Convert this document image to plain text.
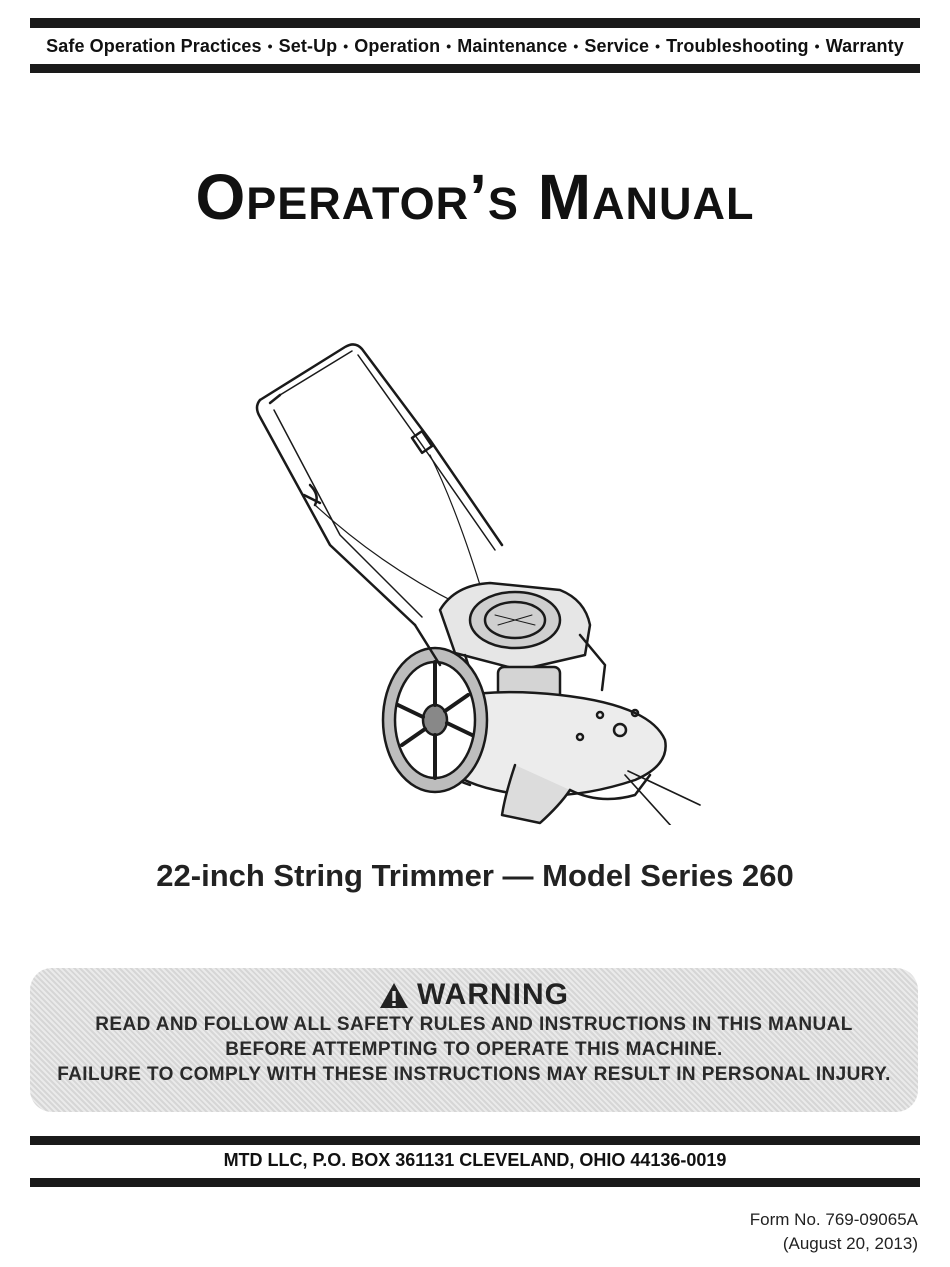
Safe Operation Practices • Set-Up • Operation • Maintenance • Service • Troubleshooting • Warranty
Operator’s Manual
22-inch String Trimmer — Model Series 260
WARNING
READ AND FOLLOW ALL SAFETY RULES AND INSTRUCTIONS IN THIS MANUAL
BEFORE ATTEMPTING TO OPERATE THIS MACHINE.
FAILURE TO COMPLY WITH THESE INSTRUCTIONS MAY RESULT IN PERSONAL INJURY.
MTD LLC, P.O. BOX 361131 CLEVELAND, OHIO 44136-0019
Form No. 769-09065A
(August 20, 2013)
